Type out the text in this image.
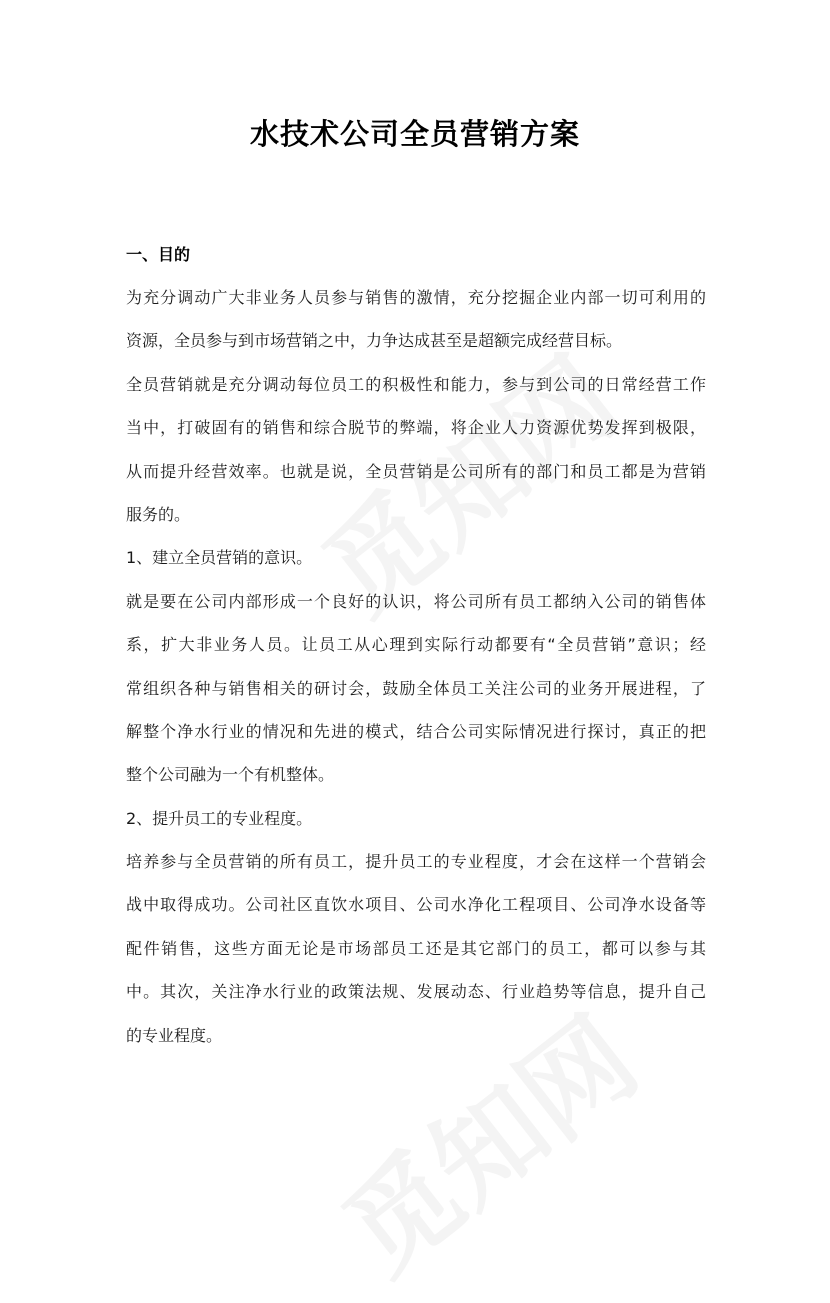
水技术公司全员营销方案
一、目的
为充分调动广大非业务人员参与销售的激情，充分挖掘企业内部一切可利用的
资源，全员参与到市场营销之中，力争达成甚至是超额完成经营目标。
全员营销就是充分调动每位员工的积极性和能力，参与到公司的日常经营工作
当中，打破固有的销售和综合脱节的弊端，将企业人力资源优势发挥到极限，
从而提升经营效率。也就是说，全员营销是公司所有的部门和员工都是为营销
服务的。
1、建立全员营销的意识。
就是要在公司内部形成一个良好的认识，将公司所有员工都纳入公司的销售体
系，扩大非业务人员。让员工从心理到实际行动都要有“全员营销”意识；经
常组织各种与销售相关的研讨会，鼓励全体员工关注公司的业务开展进程，了
解整个净水行业的情况和先进的模式，结合公司实际情况进行探讨，真正的把
整个公司融为一个有机整体。
2、提升员工的专业程度。
培养参与全员营销的所有员工，提升员工的专业程度，才会在这样一个营销会
战中取得成功。公司社区直饮水项目、公司水净化工程项目、公司净水设备等
配件销售，这些方面无论是市场部员工还是其它部门的员工，都可以参与其
中。其次，关注净水行业的政策法规、发展动态、行业趋势等信息，提升自己
的专业程度。
